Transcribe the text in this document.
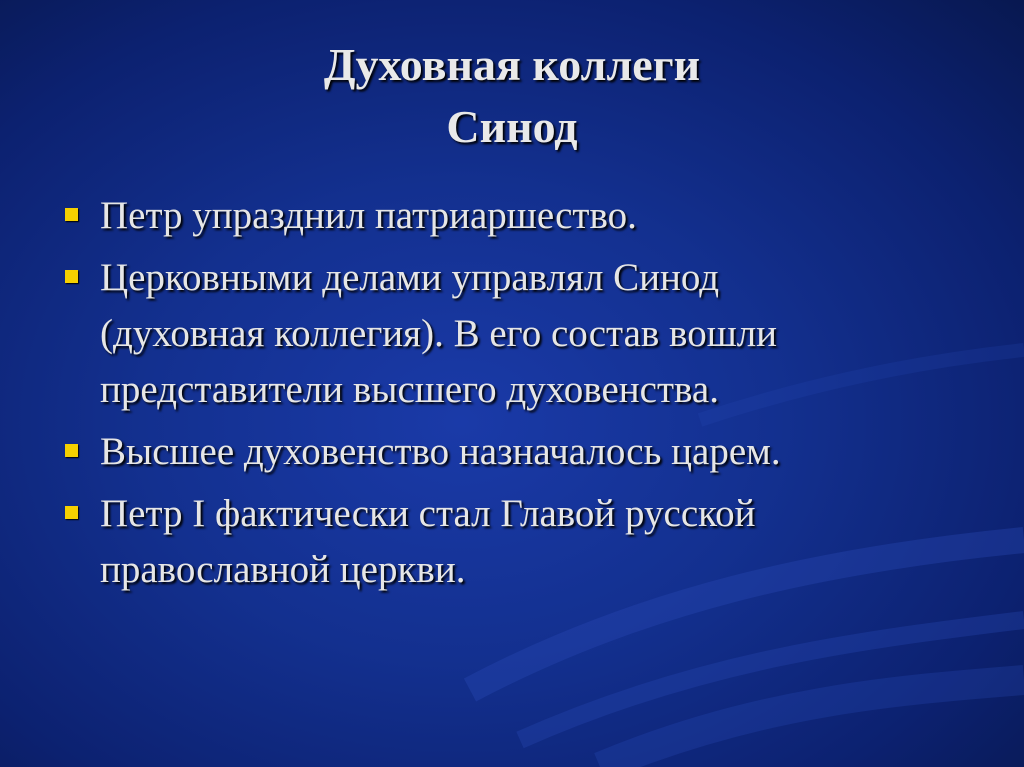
Духовная коллеги
Синод
Петр упразднил патриаршество.
Церковными делами управлял Синод
(духовная коллегия). В его состав вошли
представители высшего духовенства.
Высшее духовенство назначалось царем.
Петр I фактически стал Главой русской
православной церкви.
